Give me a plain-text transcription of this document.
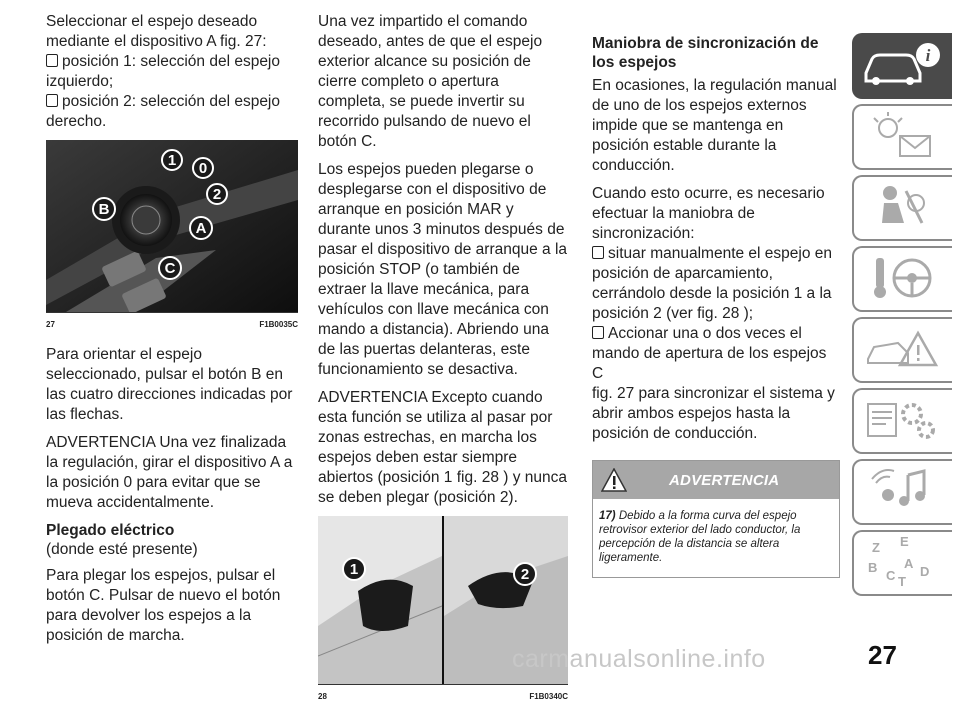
Seleccionar el espejo deseado mediante el dispositivo A fig. 27:

posición 1: selección del espejo izquierdo;

posición 2: selección del espejo derecho.

1 0
2
B
A
C
27	F1B0035C

Para orientar el espejo seleccionado, pulsar el botón B en las cuatro direcciones indicadas por las flechas.

ADVERTENCIA Una vez finalizada la regulación, girar el dispositivo A a la posición 0 para evitar que se mueva accidentalmente.

Plegado eléctrico

(donde esté presente)

Para plegar los espejos, pulsar el botón C. Pulsar de nuevo el botón para devolver los espejos a la posición de marcha.

Una vez impartido el comando deseado, antes de que el espejo exterior alcance su posición de cierre completo o apertura completa, se puede invertir su recorrido pulsando de nuevo el botón C.

Los espejos pueden plegarse o desplegarse con el dispositivo de arranque en posición MAR y durante unos 3 minutos después de pasar el dispositivo de arranque a la posición STOP (o también de extraer la llave mecánica, para vehículos con llave mecánica con mando a distancia). Abriendo una de las puertas delanteras, este funcionamiento se desactiva.

ADVERTENCIA Excepto cuando esta función se utiliza al pasar por zonas estrechas, en marcha los espejos deben estar siempre abiertos (posición 1 fig. 28 ) y nunca se deben plegar (posición 2).

1	2
28	F1B0340C
Maniobra de sincronización de los espejos

En ocasiones, la regulación manual de uno de los espejos externos impide que se mantenga en posición estable durante la conducción.

Cuando esto ocurre, es necesario efectuar la maniobra de sincronización:

situar manualmente el espejo en posición de aparcamiento, cerrándolo desde la posición 1 a la posición 2 (ver fig. 28 );

Accionar una o dos veces el mando de apertura de los espejos C

fig. 27 para sincronizar el sistema y abrir ambos espejos hasta la posición de conducción.

ADVERTENCIA
17) Debido a la forma curva del espejo retrovisor exterior del lado conductor, la percepción de la distancia se altera ligeramente.
i
Z E
B
C
A
D
T
27
carmanualsonline.info
